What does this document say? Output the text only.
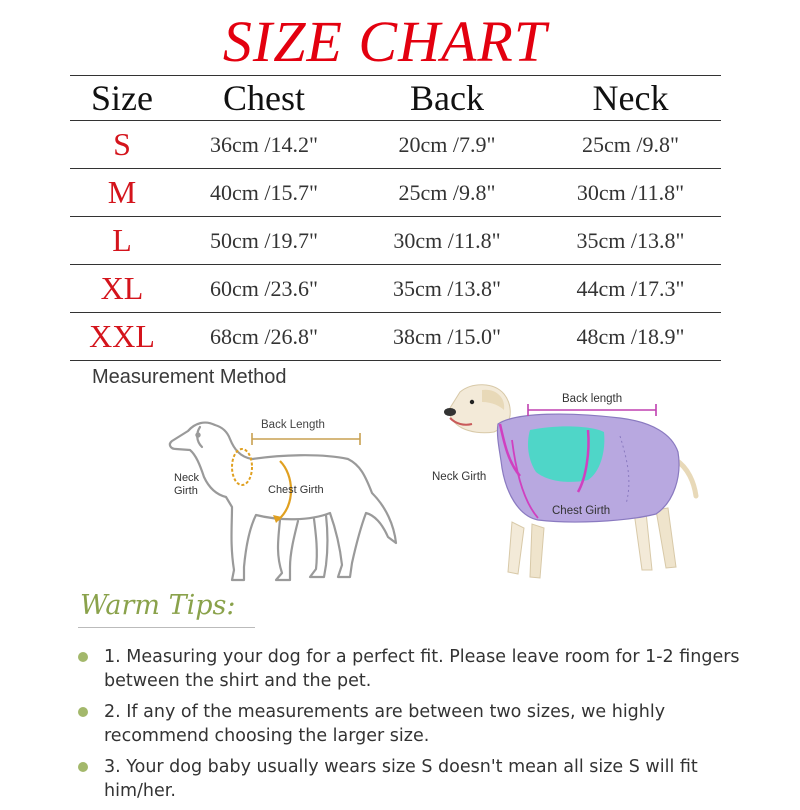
SIZE CHART
Size	Chest	Back	Neck
S	36cm /14.2"	20cm /7.9"	25cm /9.8"
M	40cm /15.7"	25cm /9.8"	30cm /11.8"
L	50cm /19.7"	30cm /11.8"	35cm /13.8"
XL	60cm /23.6"	35cm /13.8"	44cm /17.3"
XXL	68cm /26.8"	38cm /15.0"	48cm /18.9"
Measurement Method
Back Length
Chest Girth
Neck
Girth
Back length
Neck Girth
Chest Girth
Warm Tips:
1. Measuring your dog for a perfect fit. Please leave room for 1-2 fingers between the shirt and the pet.
2. If any of the measurements are between two sizes, we highly recommend choosing the larger size.
3. Your dog baby usually wears size S doesn't mean all size S will fit him/her.
